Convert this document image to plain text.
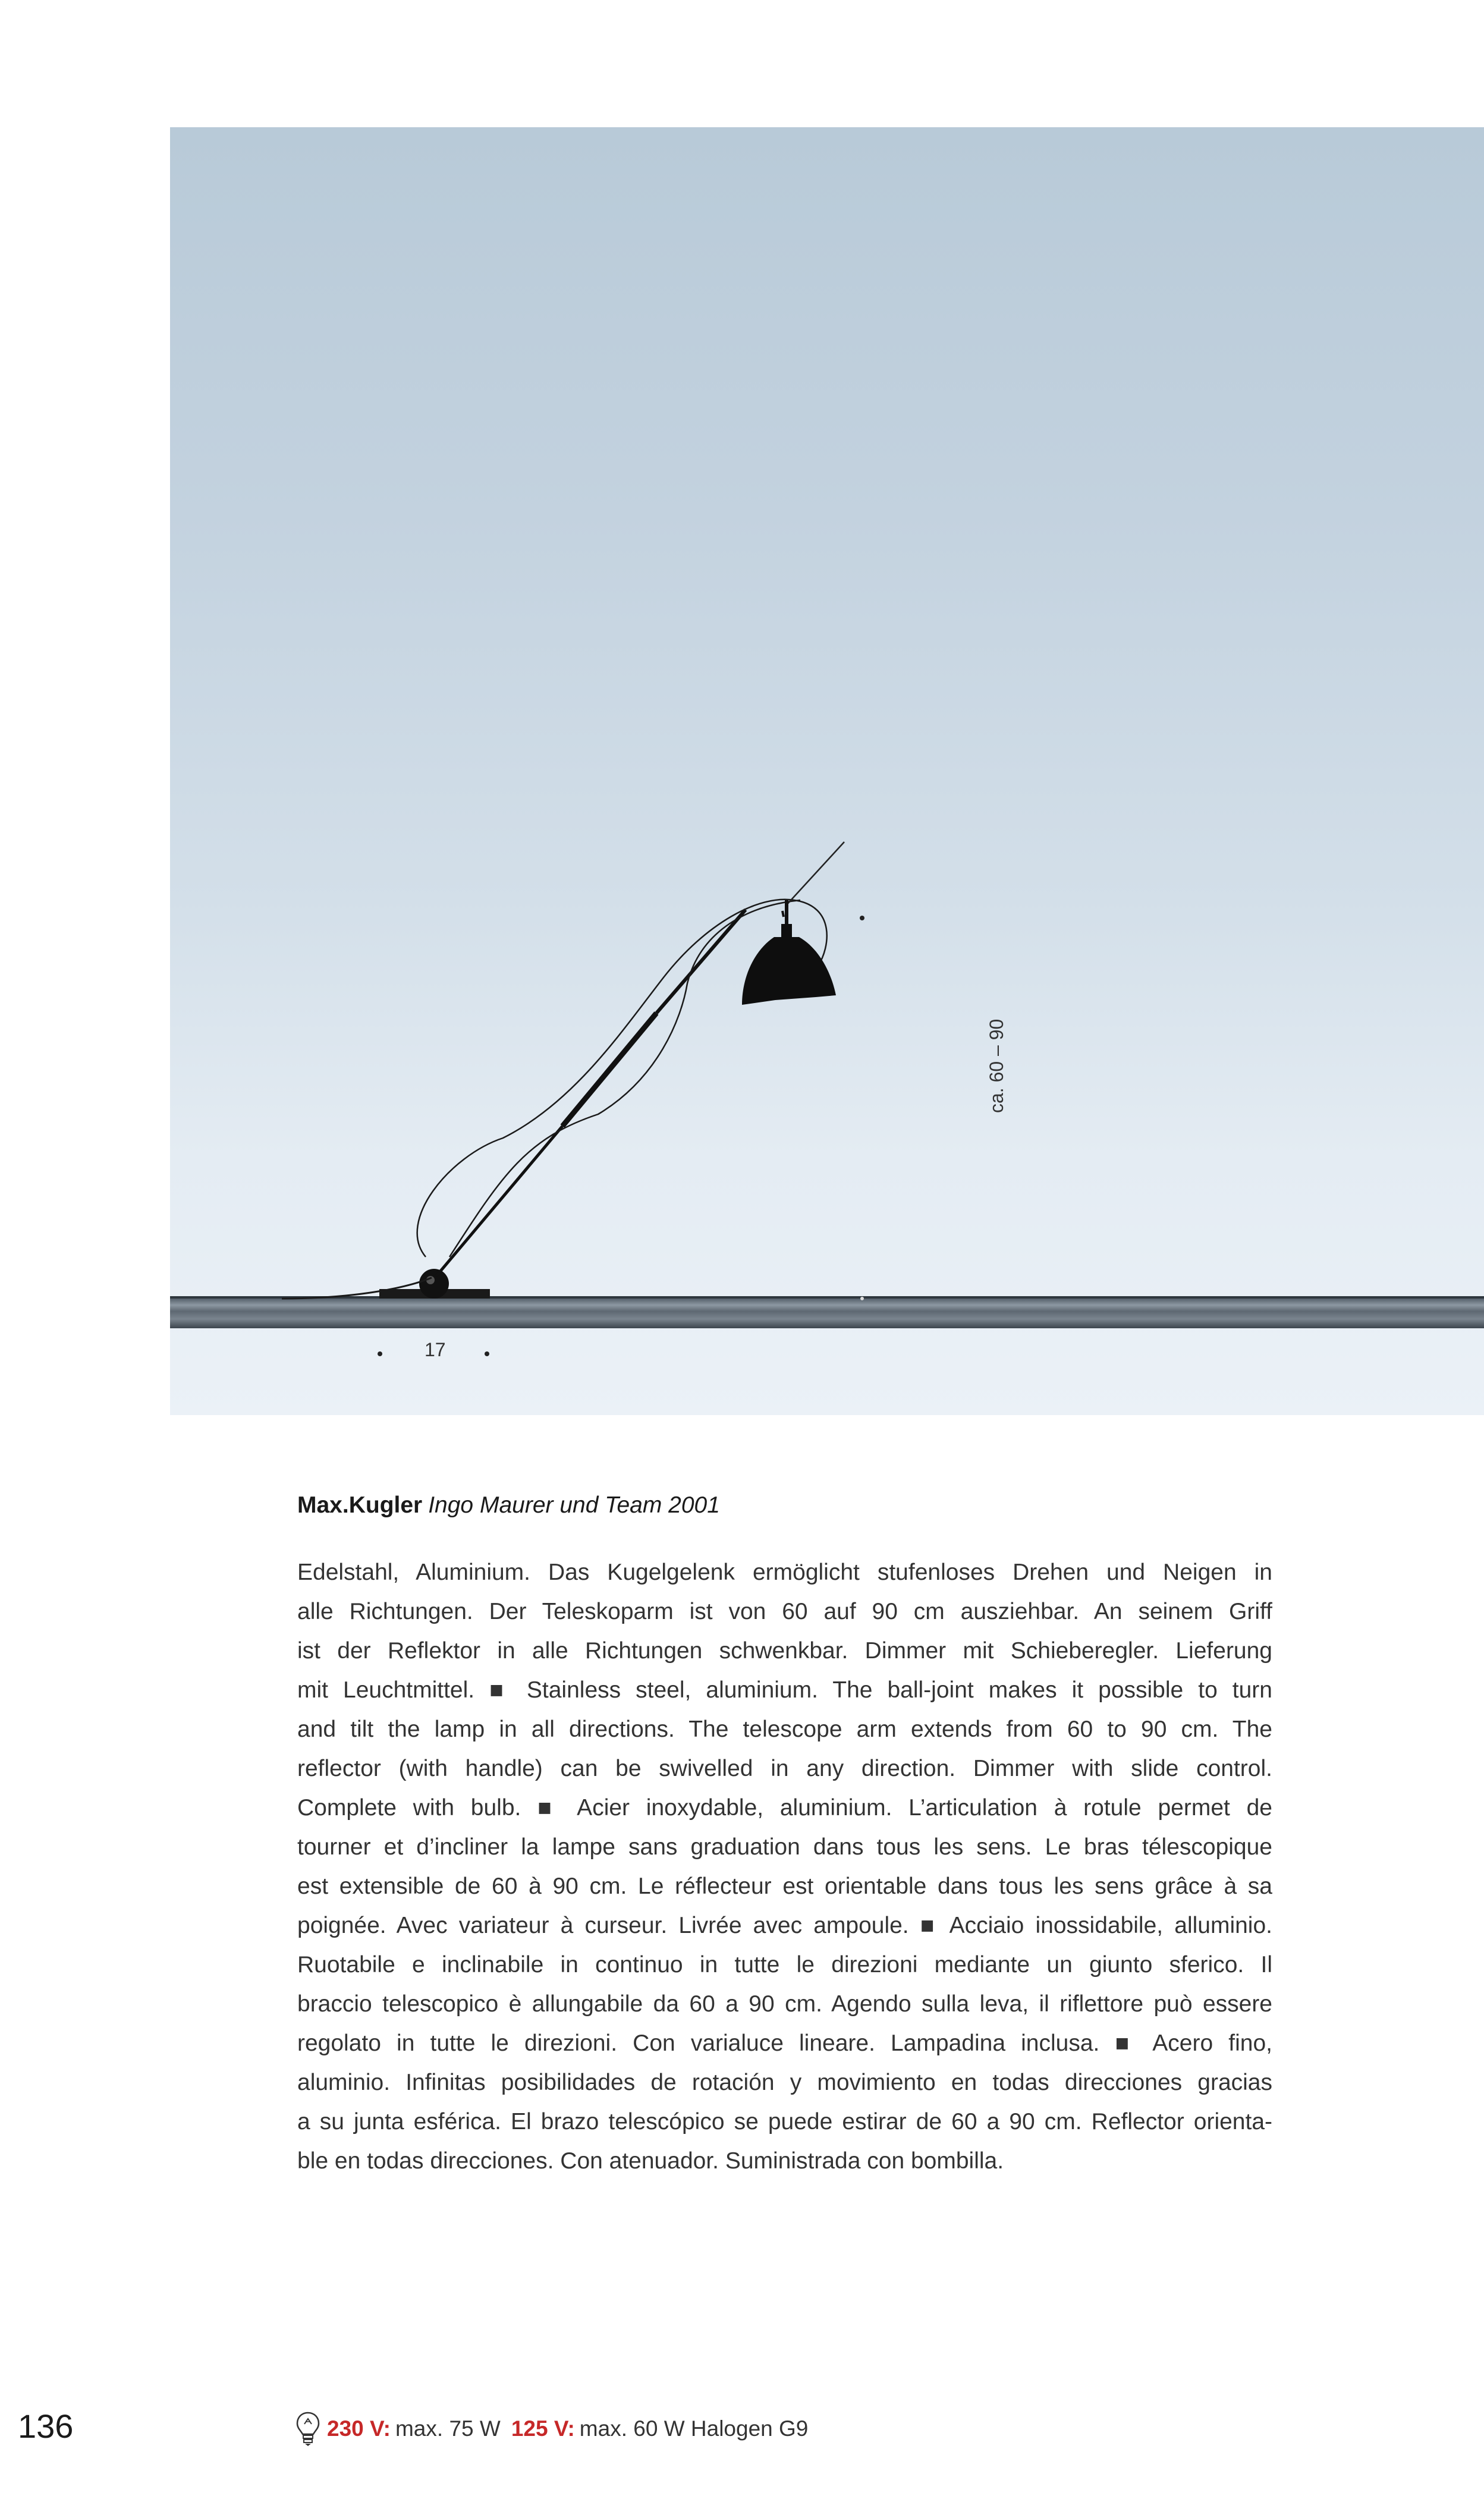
ca. 60 – 90
17
Max.Kugler Ingo Maurer und Team 2001
Edelstahl, Aluminium. Das Kugelgelenk ermöglicht stufenloses Drehen und Neigen in
alle Richtungen. Der Teleskoparm ist von 60 auf 90 cm ausziehbar. An seinem Griff
ist der Reflektor in alle Richtungen schwenkbar. Dimmer mit Schieberegler. Lieferung
mit Leuchtmittel. ■ Stainless steel, aluminium. The ball-joint makes it possible to turn
and tilt the lamp in all directions. The telescope arm extends from 60 to 90 cm. The
reflector (with handle) can be swivelled in any direction. Dimmer with slide control.
Complete with bulb. ■ Acier inoxydable, aluminium. L’articulation à rotule permet de
tourner et d’incliner la lampe sans graduation dans tous les sens. Le bras télescopique
est extensible de 60 à 90 cm. Le réflecteur est orientable dans tous les sens grâce à sa
poignée. Avec variateur à curseur. Livrée avec ampoule. ■ Acciaio inossidabile, alluminio.
Ruotabile e inclinabile in continuo in tutte le direzioni mediante un giunto sferico. Il
braccio telescopico è allungabile da 60 a 90 cm. Agendo sulla leva, il riflettore può essere
regolato in tutte le direzioni. Con varialuce lineare. Lampadina inclusa. ■ Acero fino,
aluminio. Infinitas posibilidades de rotación y movimiento en todas direcciones gracias
a su junta esférica. El brazo telescópico se puede estirar de 60 a 90 cm. Reflector orienta-
ble en todas direcciones. Con atenuador. Suministrada con bombilla.
136	230 V: max. 75 W 125 V: max. 60 W Halogen G9
